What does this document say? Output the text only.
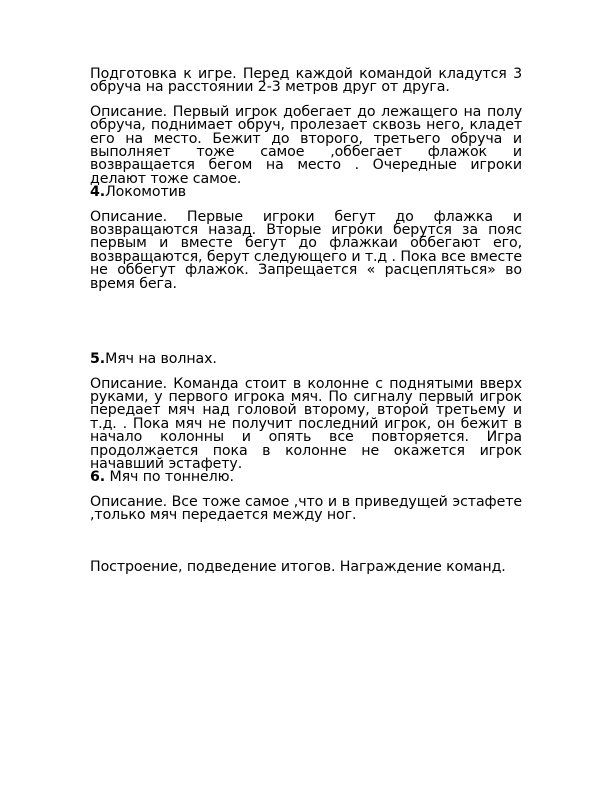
Подготовка к игре. Перед каждой командой кладутся 3 обруча на расстоянии 2-3 метров друг от друга.

Описание. Первый игрок добегает до лежащего на полу обруча, поднимает обруч, пролезает сквозь него, кладет его на место. Бежит до второго, третьего обруча и выполняет тоже самое ,оббегает флажок и возвращается бегом на место . Очередные игроки делают тоже самое.

4.Локомотив

Описание. Первые игроки бегут до флажка и возвращаются назад. Вторые игроки берутся за пояс первым и вместе бегут до флажкаи оббегают его, возвращаются, берут следующего и т.д . Пока все вместе не оббегут флажок. Запрещается « расцепляться» во время бега.

5.Мяч на волнах.

Описание. Команда стоит в колонне с поднятыми вверх руками, у первого игрока мяч. По сигналу первый игрок передает мяч над головой второму, второй третьему и т.д. . Пока мяч не получит последний игрок, он бежит в начало колонны и опять все повторяется. Игра продолжается пока в колонне не окажется игрок начавший эстафету.

6. Мяч по тоннелю.

Описание. Все тоже самое ,что и в приведущей эстафете ,только мяч передается между ног.

Построение, подведение итогов. Награждение команд.
